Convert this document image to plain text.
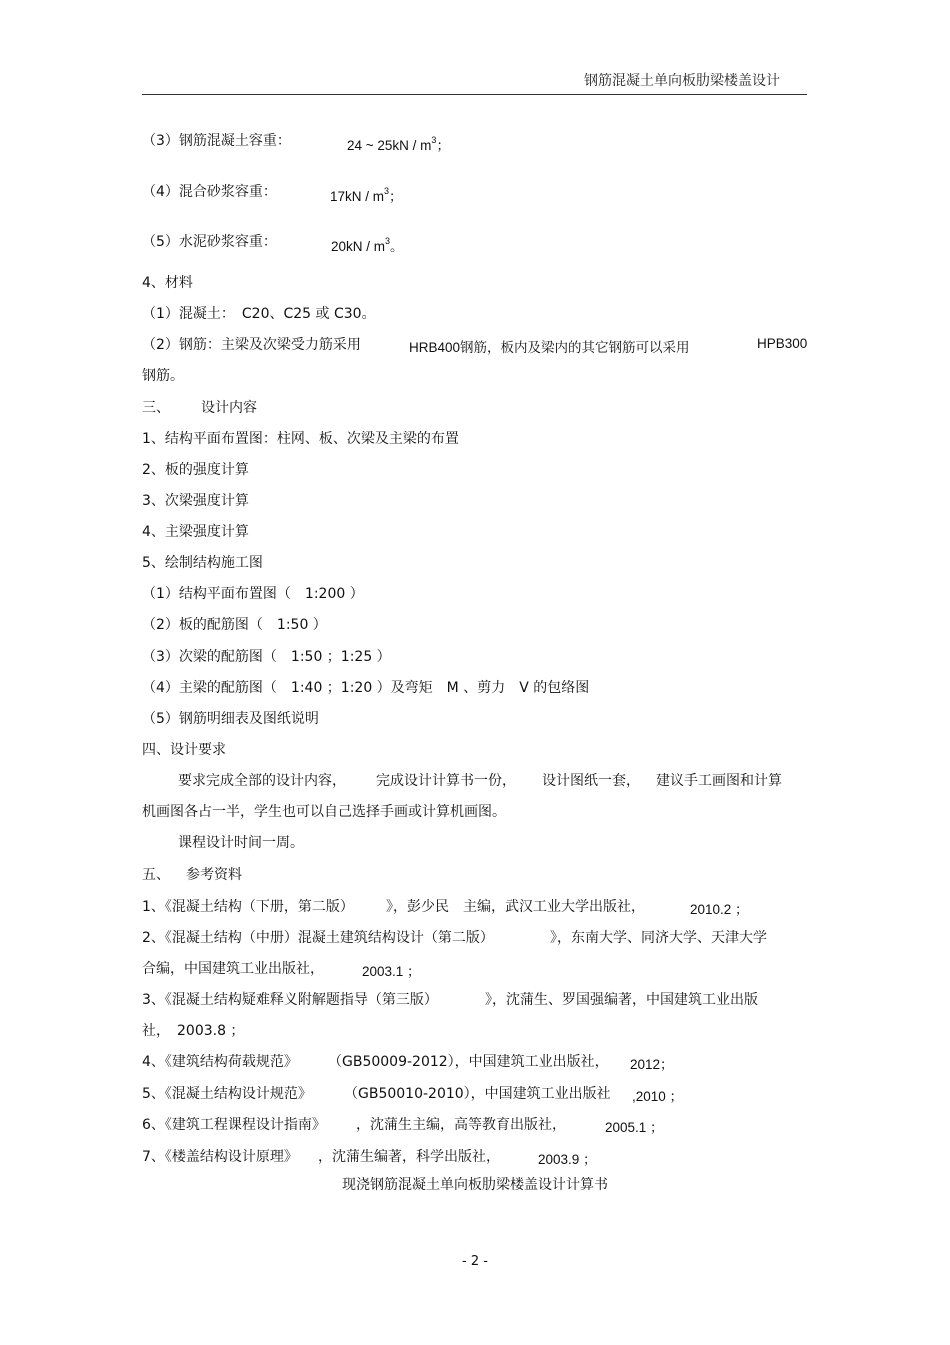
钢筋混凝土单向板肋梁楼盖设计
（3）钢筋混凝土容重：	24 ~ $25kN / m^3$；
（4）混合砂浆容重：	$17kN / m^3$；
（5）水泥砂浆容重：	$20kN / m^3$。
4、材料
（1）混凝土：　C20、C25 或 C30。
（2）钢筋：主梁及次梁受力筋采用	HRB400钢筋，板内及梁内的其它钢筋可以采用	HPB300
钢筋。
三、 设计内容
1、结构平面布置图：柱网、板、次梁及主梁的布置
2、板的强度计算
3、次梁强度计算
4、主梁强度计算
5、绘制结构施工图
（1）结构平面布置图（　1:200 ）
（2）板的配筋图（　1:50 ）
（3）次梁的配筋图（　1:50 ；1:25 ）
（4）主梁的配筋图（　1:40 ；1:20 ）及弯矩　M 、剪力　V 的包络图
（5）钢筋明细表及图纸说明
四、设计要求
要求完成全部的设计内容， 完成设计计算书一份， 设计图纸一套， 建议手工画图和计算
机画图各占一半，学生也可以自己选择手画或计算机画图。
课程设计时间一周。
五、 参考资料
1、《混凝土结构（下册，第二版） 》，彭少民　主编，武汉工业大学出版社，	2010.2 ；
2、《混凝土结构（中册）混凝土建筑结构设计（第二版）	》，东南大学、同济大学、天津大学
合编，中国建筑工业出版社，	2003.1 ；
3、《混凝土结构疑难释义附解题指导（第三版）	》，沈蒲生、罗国强编著，中国建筑工业出版
社，　2003.8 ；
4、《建筑结构荷载规范》 （GB50009-2012），中国建筑工业出版社， 2012；
5、《混凝土结构设计规范》 （GB50010-2010），中国建筑工业出版社 ,2010 ；
6、《建筑工程课程设计指南》 ，沈蒲生主编，高等教育出版社，	2005.1 ；
7、《楼盖结构设计原理》 ，沈蒲生编著，科学出版社，	2003.9 ；
现浇钢筋混凝土单向板肋梁楼盖设计计算书
- 2 -
